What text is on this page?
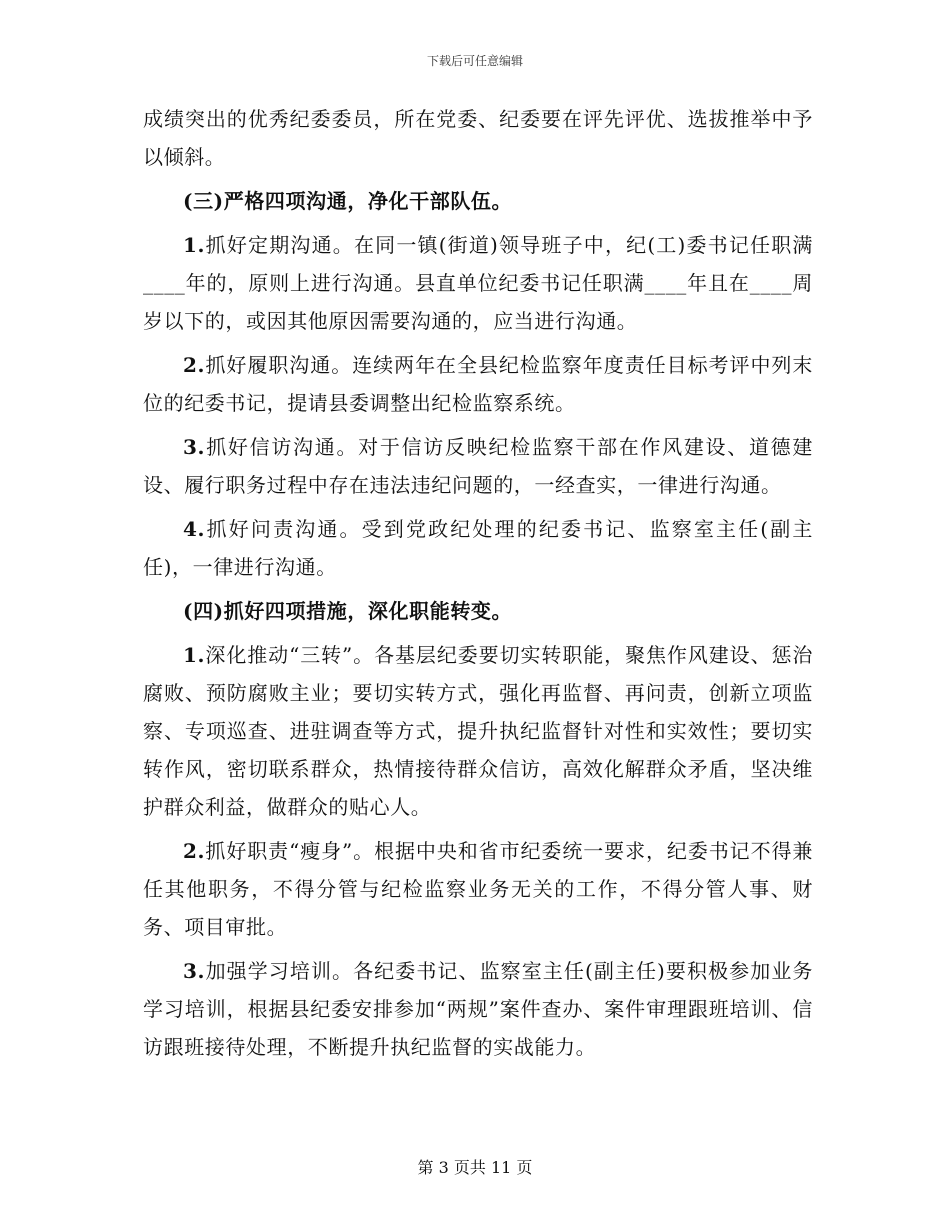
下载后可任意编辑

成绩突出的优秀纪委委员，所在党委、纪委要在评先评优、选拔推举中予以倾斜。

(三)严格四项沟通，净化干部队伍。

1.抓好定期沟通。在同一镇(街道)领导班子中，纪(工)委书记任职满____年的，原则上进行沟通。县直单位纪委书记任职满____年且在____周岁以下的，或因其他原因需要沟通的，应当进行沟通。

2.抓好履职沟通。连续两年在全县纪检监察年度责任目标考评中列末位的纪委书记，提请县委调整出纪检监察系统。

3.抓好信访沟通。对于信访反映纪检监察干部在作风建设、道德建设、履行职务过程中存在违法违纪问题的，一经查实，一律进行沟通。

4.抓好问责沟通。受到党政纪处理的纪委书记、监察室主任(副主任)，一律进行沟通。

(四)抓好四项措施，深化职能转变。

1.深化推动“三转”。各基层纪委要切实转职能，聚焦作风建设、惩治腐败、预防腐败主业；要切实转方式，强化再监督、再问责，创新立项监察、专项巡查、进驻调查等方式，提升执纪监督针对性和实效性；要切实转作风，密切联系群众，热情接待群众信访，高效化解群众矛盾，坚决维护群众利益，做群众的贴心人。

2.抓好职责“瘦身”。根据中央和省市纪委统一要求，纪委书记不得兼任其他职务，不得分管与纪检监察业务无关的工作，不得分管人事、财务、项目审批。

3.加强学习培训。各纪委书记、监察室主任(副主任)要积极参加业务学习培训，根据县纪委安排参加“两规”案件查办、案件审理跟班培训、信访跟班接待处理，不断提升执纪监督的实战能力。

第 3 页共 11 页
